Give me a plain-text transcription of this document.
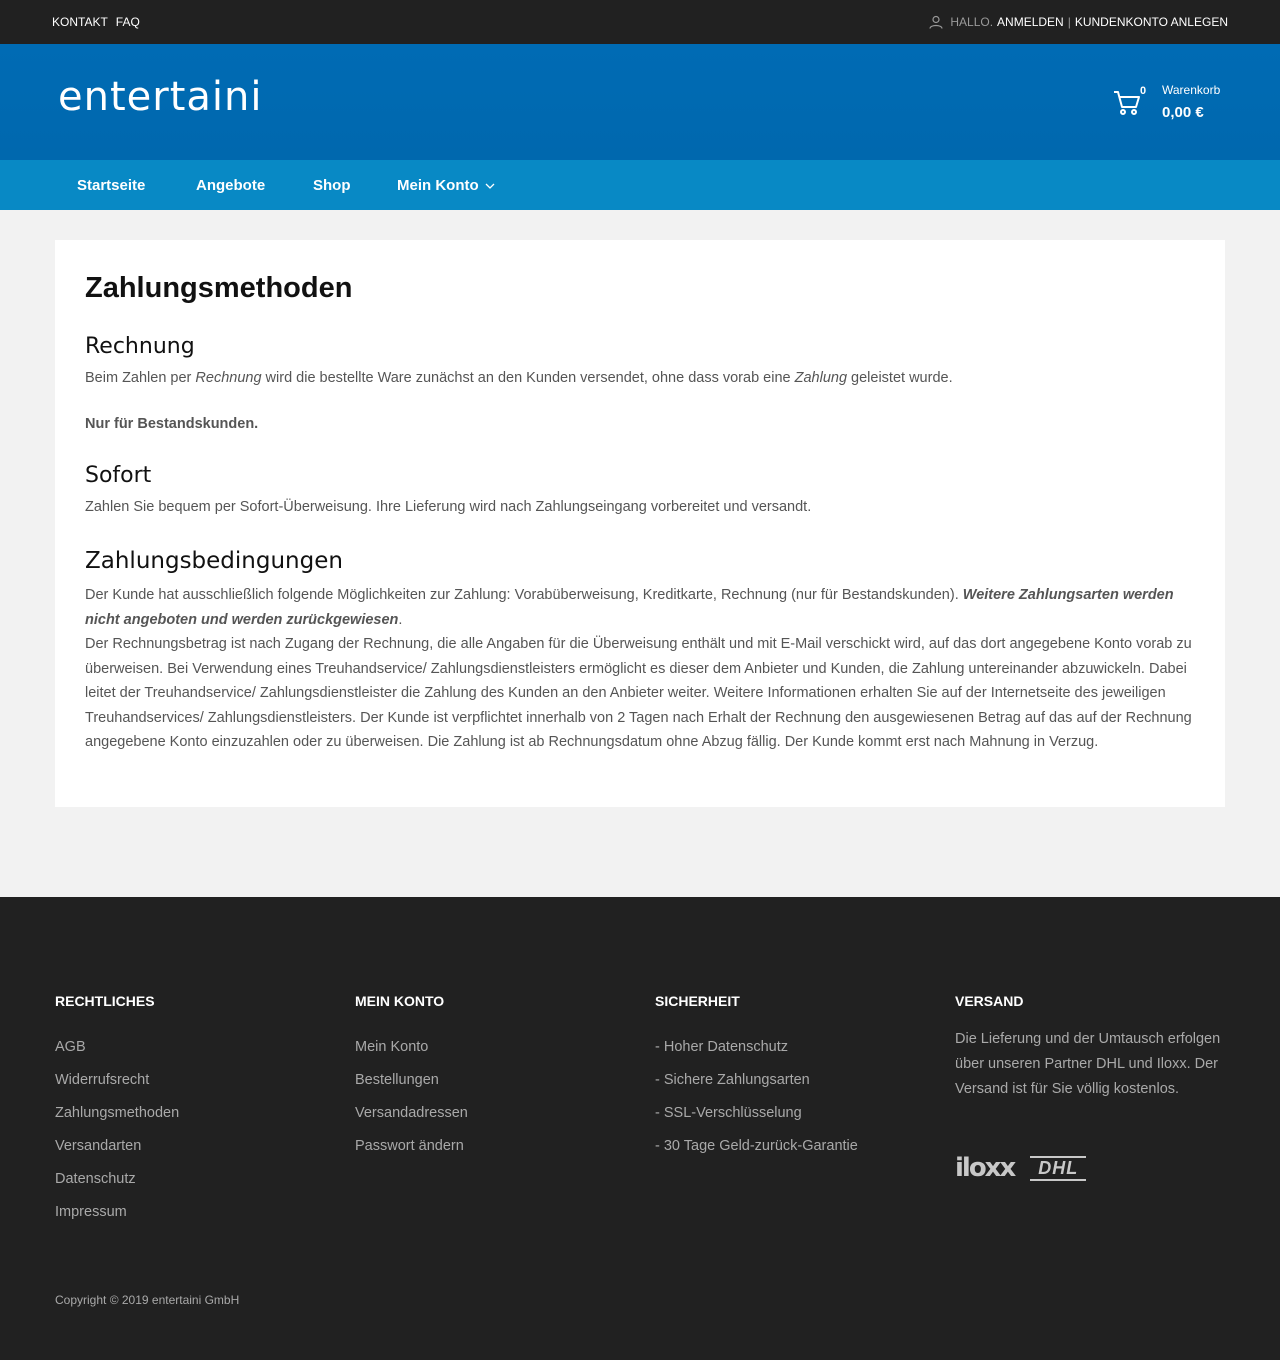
KONTAKT FAQ	HALLO. ANMELDEN | KUNDENKONTO ANLEGEN
entertaini	0 Warenkorb
0,00 €
Startseite	Angebote	Shop	Mein Konto
Zahlungsmethoden
Rechnung

Beim Zahlen per Rechnung wird die bestellte Ware zunächst an den Kunden versendet, ohne dass vorab eine Zahlung geleistet wurde.

Nur für Bestandskunden.

Sofort

Zahlen Sie bequem per Sofort-Überweisung. Ihre Lieferung wird nach Zahlungseingang vorbereitet und versandt.

Zahlungsbedingungen

Der Kunde hat ausschließlich folgende Möglichkeiten zur Zahlung: Vorabüberweisung, Kreditkarte, Rechnung (nur für Bestandskunden). Weitere Zahlungsarten werden nicht angeboten und werden zurückgewiesen.
Der Rechnungsbetrag ist nach Zugang der Rechnung, die alle Angaben für die Überweisung enthält und mit E-Mail verschickt wird, auf das dort angegebene Konto vorab zu überweisen. Bei Verwendung eines Treuhandservice/ Zahlungsdienstleisters ermöglicht es dieser dem Anbieter und Kunden, die Zahlung untereinander abzuwickeln. Dabei leitet der Treuhandservice/ Zahlungsdienstleister die Zahlung des Kunden an den Anbieter weiter. Weitere Informationen erhalten Sie auf der Internetseite des jeweiligen Treuhandservices/ Zahlungsdienstleisters. Der Kunde ist verpflichtet innerhalb von 2 Tagen nach Erhalt der Rechnung den ausgewiesenen Betrag auf das auf der Rechnung angegebene Konto einzuzahlen oder zu überweisen. Die Zahlung ist ab Rechnungsdatum ohne Abzug fällig. Der Kunde kommt erst nach Mahnung in Verzug.

RECHTLICHES
AGB
Widerrufsrecht
Zahlungsmethoden
Versandarten
Datenschutz
Impressum
MEIN KONTO
Mein Konto
Bestellungen
Versandadressen
Passwort ändern
SICHERHEIT
- Hoher Datenschutz
- Sichere Zahlungsarten
- SSL-Verschlüsselung
- 30 Tage Geld-zurück-Garantie
VERSAND

Die Lieferung und der Umtausch erfolgen über unseren Partner DHL und Iloxx. Der Versand ist für Sie völlig kostenlos.

iloxx	DHL
Copyright © 2019 entertaini GmbH
